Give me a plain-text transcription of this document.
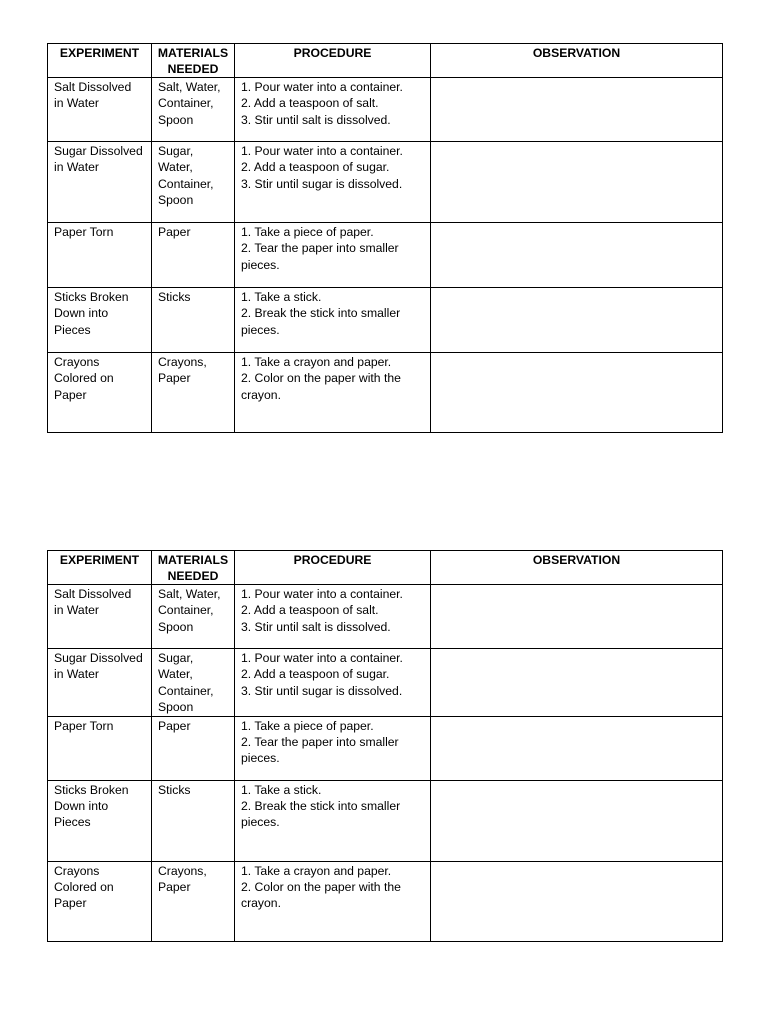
EXPERIMENT	MATERIALS
NEEDED	PROCEDURE	OBSERVATION

Salt Dissolved
in Water	Salt, Water,
Container,
Spoon	1. Pour water into a container.
2. Add a teaspoon of salt.
3. Stir until salt is dissolved.	

Sugar Dissolved
in Water	Sugar,
Water,
Container,
Spoon	1. Pour water into a container.
2. Add a teaspoon of sugar.
3. Stir until sugar is dissolved.	

Paper Torn	Paper	1. Take a piece of paper.
2. Tear the paper into smaller
pieces.	

Sticks Broken
Down into
Pieces	Sticks	1. Take a stick.
2. Break the stick into smaller
pieces.	

Crayons
Colored on
Paper	Crayons,
Paper	1. Take a crayon and paper.
2. Color on the paper with the
crayon.	

EXPERIMENT	MATERIALS
NEEDED	PROCEDURE	OBSERVATION

Salt Dissolved
in Water	Salt, Water,
Container,
Spoon	1. Pour water into a container.
2. Add a teaspoon of salt.
3. Stir until salt is dissolved.	

Sugar Dissolved
in Water	Sugar,
Water,
Container,
Spoon	1. Pour water into a container.
2. Add a teaspoon of sugar.
3. Stir until sugar is dissolved.	

Paper Torn	Paper	1. Take a piece of paper.
2. Tear the paper into smaller
pieces.	

Sticks Broken
Down into
Pieces	Sticks	1. Take a stick.
2. Break the stick into smaller
pieces.	

Crayons
Colored on
Paper	Crayons,
Paper	1. Take a crayon and paper.
2. Color on the paper with the
crayon.	
